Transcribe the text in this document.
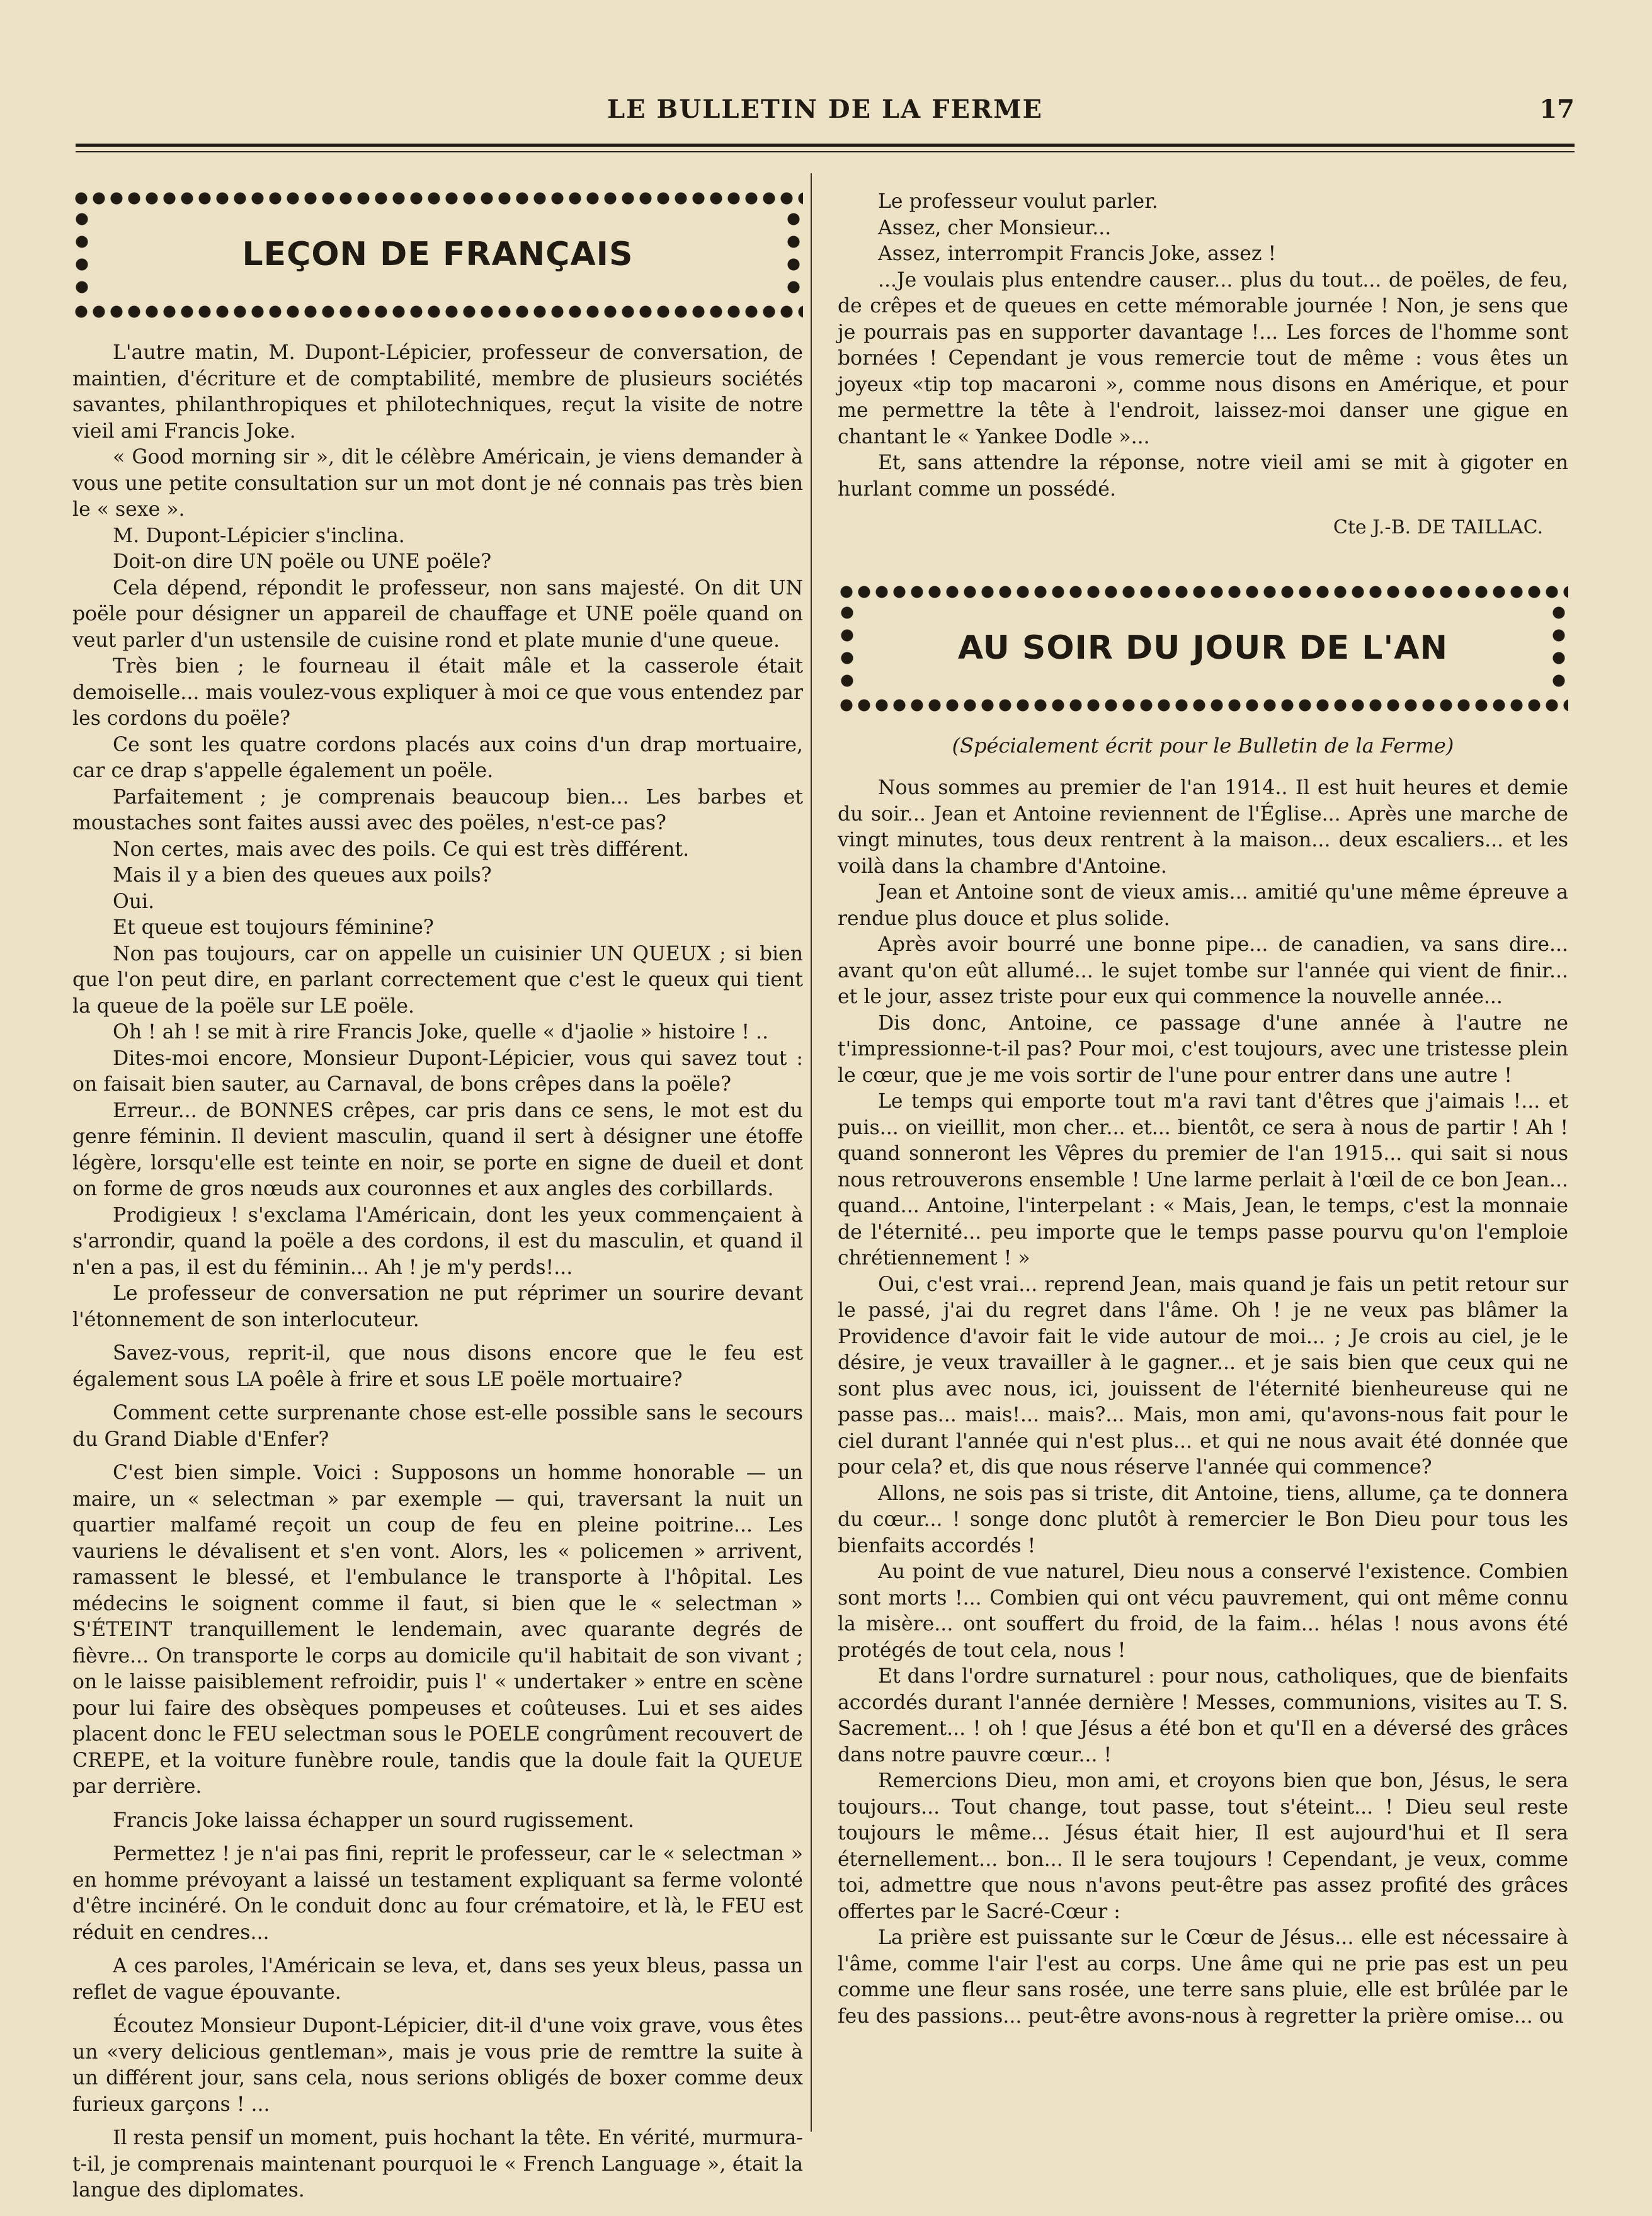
LE BULLETIN DE LA FERME	17
LEÇON DE FRANÇAIS

L'autre matin, M. Dupont-Lépicier, professeur de conversation, de maintien, d'écriture et de comptabilité, membre de plusieurs sociétés savantes, philanthropiques et philotechniques, reçut la visite de notre vieil ami Francis Joke.

« Good morning sir », dit le célèbre Américain, je viens demander à vous une petite consultation sur un mot dont je né connais pas très bien le « sexe ».

M. Dupont-Lépicier s'inclina.

Doit-on dire UN poële ou UNE poële?

Cela dépend, répondit le professeur, non sans majesté. On dit UN poële pour désigner un appareil de chauffage et UNE poële quand on veut parler d'un ustensile de cuisine rond et plate munie d'une queue.

Très bien ; le fourneau il était mâle et la casserole était demoiselle... mais voulez-vous expliquer à moi ce que vous entendez par les cordons du poële?

Ce sont les quatre cordons placés aux coins d'un drap mortuaire, car ce drap s'appelle également un poële.

Parfaitement ; je comprenais beaucoup bien... Les barbes et moustaches sont faites aussi avec des poëles, n'est-ce pas?

Non certes, mais avec des poils. Ce qui est très différent.

Mais il y a bien des queues aux poils?

Oui.

Et queue est toujours féminine?

Non pas toujours, car on appelle un cuisinier UN QUEUX ; si bien que l'on peut dire, en parlant correctement que c'est le queux qui tient la queue de la poële sur LE poële.

Oh ! ah ! se mit à rire Francis Joke, quelle « d'jaolie » histoire ! ..

Dites-moi encore, Monsieur Dupont-Lépicier, vous qui savez tout : on faisait bien sauter, au Carnaval, de bons crêpes dans la poële?

Erreur... de BONNES crêpes, car pris dans ce sens, le mot est du genre féminin. Il devient masculin, quand il sert à désigner une étoffe légère, lorsqu'elle est teinte en noir, se porte en signe de dueil et dont on forme de gros nœuds aux couronnes et aux angles des corbillards.

Prodigieux ! s'exclama l'Américain, dont les yeux commençaient à s'arrondir, quand la poële a des cordons, il est du masculin, et quand il n'en a pas, il est du féminin... Ah ! je m'y perds!...

Le professeur de conversation ne put réprimer un sourire devant l'étonnement de son interlocuteur.

Savez-vous, reprit-il, que nous disons encore que le feu est également sous LA poêle à frire et sous LE poële mortuaire?

Comment cette surprenante chose est-elle possible sans le secours du Grand Diable d'Enfer?

C'est bien simple. Voici : Supposons un homme honorable — un maire, un « selectman » par exemple — qui, traversant la nuit un quartier malfamé reçoit un coup de feu en pleine poitrine... Les vauriens le dévalisent et s'en vont. Alors, les « policemen » arrivent, ramassent le blessé, et l'embulance le transporte à l'hôpital. Les médecins le soignent comme il faut, si bien que le « selectman » S'ÉTEINT tranquillement le lendemain, avec quarante degrés de fièvre... On transporte le corps au domicile qu'il habitait de son vivant ; on le laisse paisiblement refroidir, puis l' « undertaker » entre en scène pour lui faire des obsèques pompeuses et coûteuses. Lui et ses aides placent donc le FEU selectman sous le POELE congrûment recouvert de CREPE, et la voiture funèbre roule, tandis que la doule fait la QUEUE par derrière.

Francis Joke laissa échapper un sourd rugissement.

Permettez ! je n'ai pas fini, reprit le professeur, car le « selectman » en homme prévoyant a laissé un testament expliquant sa ferme volonté d'être incinéré. On le conduit donc au four crématoire, et là, le FEU est réduit en cendres...

A ces paroles, l'Américain se leva, et, dans ses yeux bleus, passa un reflet de vague épouvante.

Écoutez Monsieur Dupont-Lépicier, dit-il d'une voix grave, vous êtes un «very delicious gentleman», mais je vous prie de remttre la suite à un différent jour, sans cela, nous serions obligés de boxer comme deux furieux garçons ! ...

Il resta pensif un moment, puis hochant la tête. En vérité, murmura-t-il, je comprenais maintenant pourquoi le « French Language », était la langue des diplomates.

Le professeur voulut parler.

Assez, cher Monsieur...

Assez, interrompit Francis Joke, assez !

...Je voulais plus entendre causer... plus du tout... de poëles, de feu, de crêpes et de queues en cette mémorable journée ! Non, je sens que je pourrais pas en supporter davantage !... Les forces de l'homme sont bornées ! Cependant je vous remercie tout de même : vous êtes un joyeux «tip top macaroni », comme nous disons en Amérique, et pour me permettre la tête à l'endroit, laissez-moi danser une gigue en chantant le « Yankee Dodle »...

Et, sans attendre la réponse, notre vieil ami se mit à gigoter en hurlant comme un possédé.

Cte J.-B. DE TAILLAC.
AU SOIR DU JOUR DE L'AN
(Spécialement écrit pour le Bulletin de la Ferme)

Nous sommes au premier de l'an 1914.. Il est huit heures et demie du soir... Jean et Antoine reviennent de l'Église... Après une marche de vingt minutes, tous deux rentrent à la maison... deux escaliers... et les voilà dans la chambre d'Antoine.

Jean et Antoine sont de vieux amis... amitié qu'une même épreuve a rendue plus douce et plus solide.

Après avoir bourré une bonne pipe... de canadien, va sans dire... avant qu'on eût allumé... le sujet tombe sur l'année qui vient de finir... et le jour, assez triste pour eux qui commence la nouvelle année...

Dis donc, Antoine, ce passage d'une année à l'autre ne t'impressionne-t-il pas? Pour moi, c'est toujours, avec une tristesse plein le cœur, que je me vois sortir de l'une pour entrer dans une autre !

Le temps qui emporte tout m'a ravi tant d'êtres que j'aimais !... et puis... on vieillit, mon cher... et... bientôt, ce sera à nous de partir ! Ah ! quand sonneront les Vêpres du premier de l'an 1915... qui sait si nous nous retrouverons ensemble ! Une larme perlait à l'œil de ce bon Jean... quand... Antoine, l'interpelant : « Mais, Jean, le temps, c'est la monnaie de l'éternité... peu importe que le temps passe pourvu qu'on l'emploie chrétiennement ! »

Oui, c'est vrai... reprend Jean, mais quand je fais un petit retour sur le passé, j'ai du regret dans l'âme. Oh ! je ne veux pas blâmer la Providence d'avoir fait le vide autour de moi... ; Je crois au ciel, je le désire, je veux travailler à le gagner... et je sais bien que ceux qui ne sont plus avec nous, ici, jouissent de l'éternité bienheureuse qui ne passe pas... mais!... mais?... Mais, mon ami, qu'avons-nous fait pour le ciel durant l'année qui n'est plus... et qui ne nous avait été donnée que pour cela? et, dis que nous réserve l'année qui commence?

Allons, ne sois pas si triste, dit Antoine, tiens, allume, ça te donnera du cœur... ! songe donc plutôt à remercier le Bon Dieu pour tous les bienfaits accordés !

Au point de vue naturel, Dieu nous a conservé l'existence. Combien sont morts !... Combien qui ont vécu pauvrement, qui ont même connu la misère... ont souffert du froid, de la faim... hélas ! nous avons été protégés de tout cela, nous !

Et dans l'ordre surnaturel : pour nous, catholiques, que de bienfaits accordés durant l'année dernière ! Messes, communions, visites au T. S. Sacrement... ! oh ! que Jésus a été bon et qu'Il en a déversé des grâces dans notre pauvre cœur... !

Remercions Dieu, mon ami, et croyons bien que bon, Jésus, le sera toujours... Tout change, tout passe, tout s'éteint... ! Dieu seul reste toujours le même... Jésus était hier, Il est aujourd'hui et Il sera éternellement... bon... Il le sera toujours ! Cependant, je veux, comme toi, admettre que nous n'avons peut-être pas assez profité des grâces offertes par le Sacré-Cœur :

La prière est puissante sur le Cœur de Jésus... elle est nécessaire à l'âme, comme l'air l'est au corps. Une âme qui ne prie pas est un peu comme une fleur sans rosée, une terre sans pluie, elle est brûlée par le feu des passions... peut-être avons-nous à regretter la prière omise... ou
